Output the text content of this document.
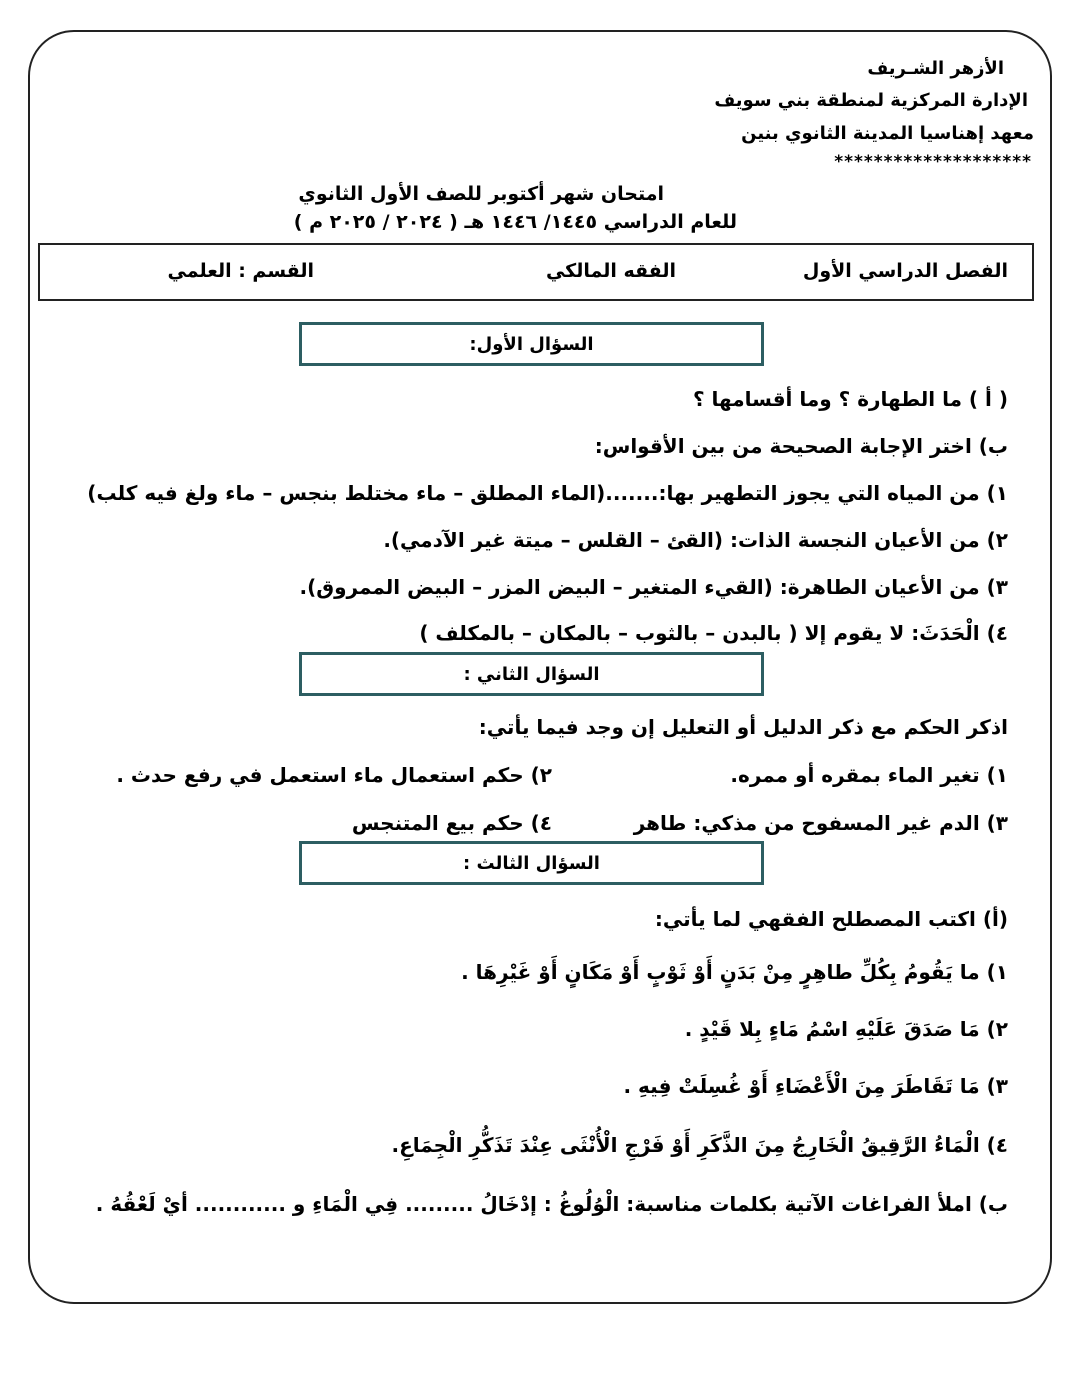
الأزهر الشـريف
الإدارة المركزية لمنطقة بني سويف
معهد إهناسيا المدينة الثانوي بنين
********************
امتحان شهر أكتوبر للصف الأول الثانوي
للعام الدراسي ١٤٤٥/ ١٤٤٦ هـ ( ٢٠٢٤ / ٢٠٢٥ م )
الفصل الدراسي الأول
الفقه المالكي
القسم : العلمي
السؤال الأول:
( أ ) ما الطهارة ؟ وما أقسامها ؟
ب) اختر الإجابة الصحيحة من بين الأقواس:
١) من المياه التي يجوز التطهير بها:.......(الماء المطلق – ماء مختلط بنجس – ماء ولغ فيه كلب)
٢) من الأعيان النجسة الذات: (القئ – القلس – ميتة غير الآدمي).
٣) من الأعيان الطاهرة: (القيء المتغير – البيض المزر – البيض الممروق).
٤) الْحَدَثَ: لا يقوم إلا ( بالبدن – بالثوب – بالمكان – بالمكلف )
السؤال الثاني :
اذكر الحكم مع ذكر الدليل أو التعليل إن وجد فيما يأتي:
١) تغير الماء بمقره أو ممره.
٢) حكم استعمال ماء استعمل في رفع حدث .
٣) الدم غير المسفوح من مذكي: طاهر
٤) حكم بيع المتنجس
السؤال الثالث :
(أ) اكتب المصطلح الفقهي لما يأتي:
١) ما يَقُومُ بِكُلِّ طاهِرٍ مِنْ بَدَنٍ أَوْ ثَوْبٍ أَوْ مَكَانٍ أَوْ غَيْرِهَا .
٢) مَا صَدَقَ عَلَيْهِ اسْمُ مَاءٍ بِلا قَيْدٍ .
٣) مَا تَقَاطَرَ مِنَ الْأَعْضَاءِ أَوْ غُسِلَتْ فِيهِ .
٤) الْمَاءُ الرَّقِيقُ الْخَارِجُ مِنَ الذَّكَرِ أَوْ فَرْجِ الْأُنْثَى عِنْدَ تَذَكُّرِ الْجِمَاعِ.
ب) املأ الفراغات الآتية بكلمات مناسبة: الْوُلُوغُ : إدْخَالُ ......... فِي الْمَاءِ و ............ أيْ لَعْقُهُ .
